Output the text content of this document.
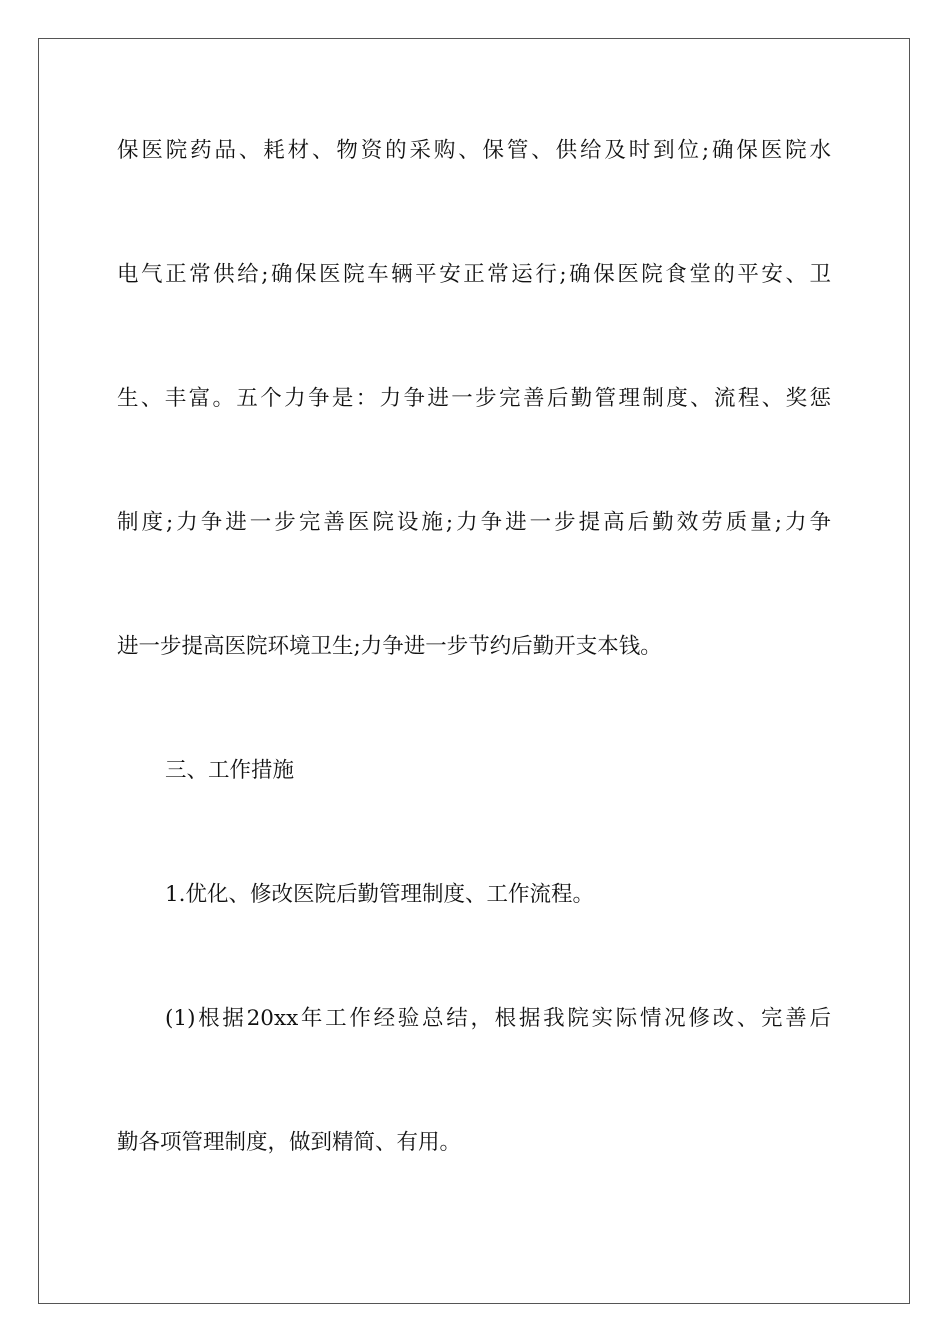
保医院药品、耗材、物资的采购、保管、供给及时到位;确保医院水
电气正常供给;确保医院车辆平安正常运行;确保医院食堂的平安、卫
生、丰富。五个力争是：力争进一步完善后勤管理制度、流程、奖惩
制度;力争进一步完善医院设施;力争进一步提高后勤效劳质量;力争
进一步提高医院环境卫生;力争进一步节约后勤开支本钱。
三、工作措施
1.优化、修改医院后勤管理制度、工作流程。
(1)根据20xx年工作经验总结，根据我院实际情况修改、完善后
勤各项管理制度，做到精简、有用。
